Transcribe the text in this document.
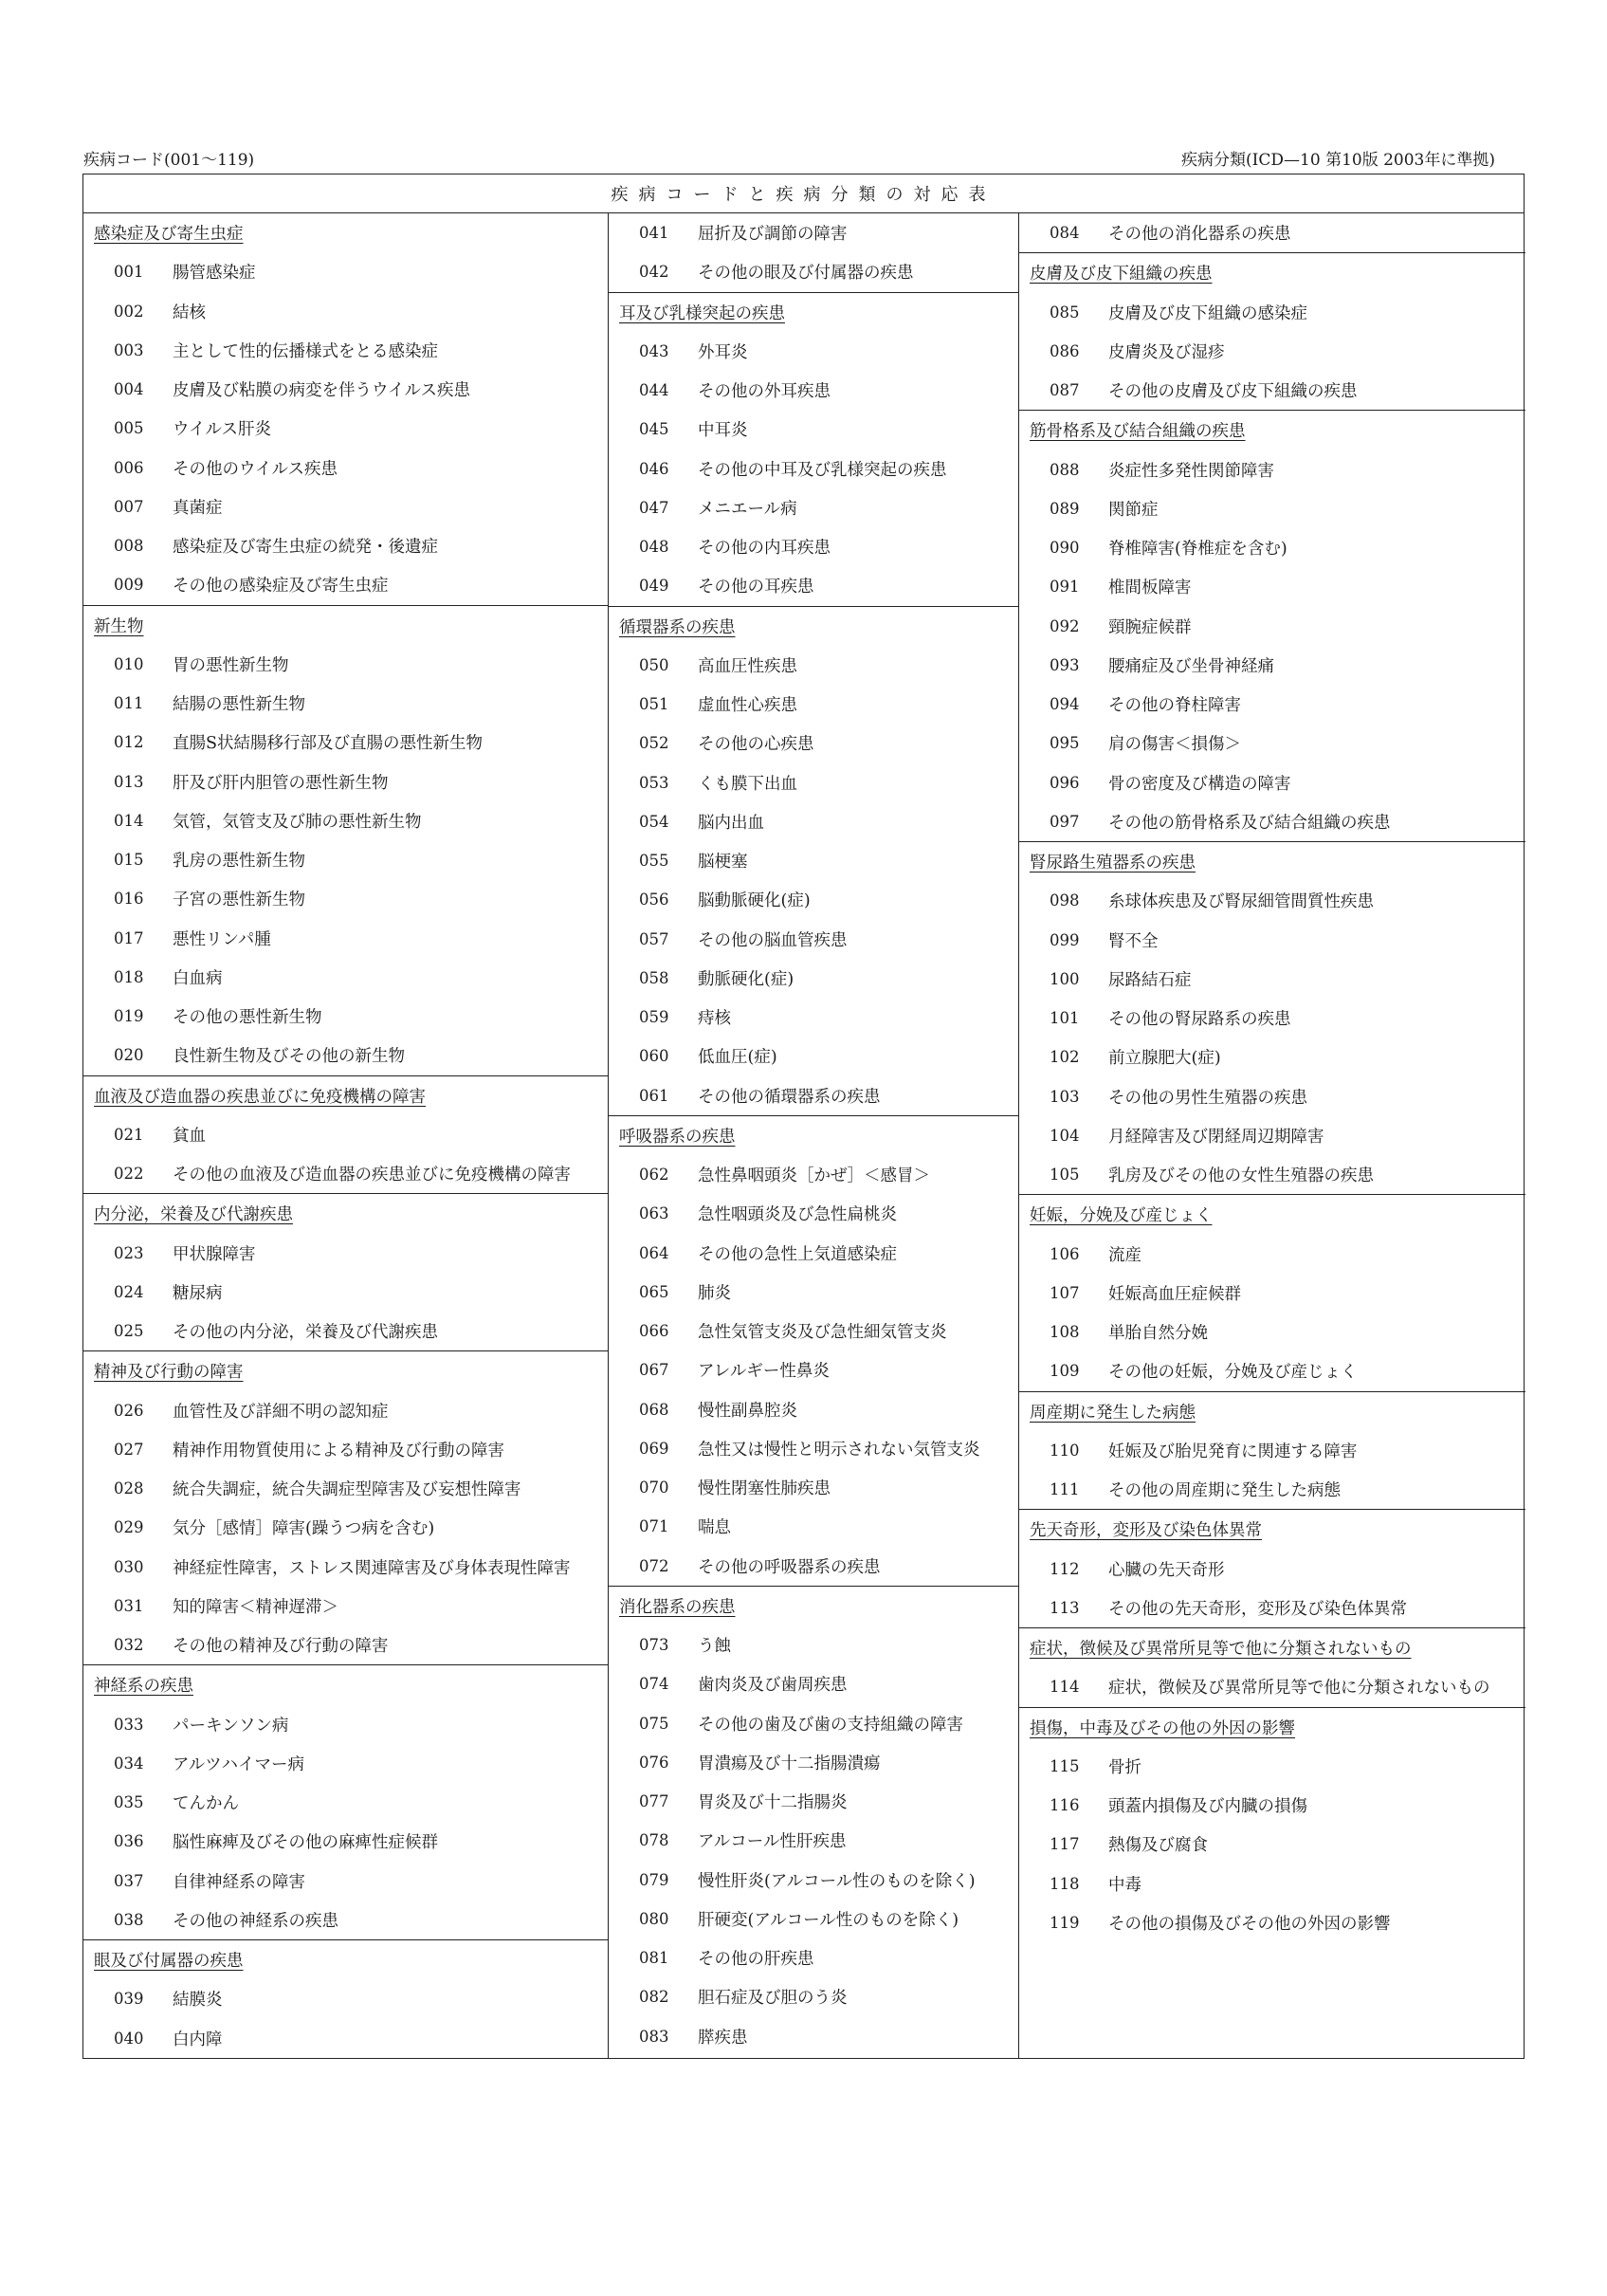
疾病コード(001～119)	疾病分類(ICD—10 第10版 2003年に準拠)
疾病コードと疾病分類の対応表
感染症及び寄生虫症
001	腸管感染症
002	結核
003	主として性的伝播様式をとる感染症
004	皮膚及び粘膜の病変を伴うウイルス疾患
005	ウイルス肝炎
006	その他のウイルス疾患
007	真菌症
008	感染症及び寄生虫症の続発・後遺症
009	その他の感染症及び寄生虫症
新生物
010	胃の悪性新生物
011	結腸の悪性新生物
012	直腸S状結腸移行部及び直腸の悪性新生物
013	肝及び肝内胆管の悪性新生物
014	気管，気管支及び肺の悪性新生物
015	乳房の悪性新生物
016	子宮の悪性新生物
017	悪性リンパ腫
018	白血病
019	その他の悪性新生物
020	良性新生物及びその他の新生物
血液及び造血器の疾患並びに免疫機構の障害
021	貧血
022	その他の血液及び造血器の疾患並びに免疫機構の障害
内分泌，栄養及び代謝疾患
023	甲状腺障害
024	糖尿病
025	その他の内分泌，栄養及び代謝疾患
精神及び行動の障害
026	血管性及び詳細不明の認知症
027	精神作用物質使用による精神及び行動の障害
028	統合失調症，統合失調症型障害及び妄想性障害
029	気分［感情］障害(躁うつ病を含む)
030	神経症性障害，ストレス関連障害及び身体表現性障害
031	知的障害＜精神遅滞＞
032	その他の精神及び行動の障害
神経系の疾患
033	パーキンソン病
034	アルツハイマー病
035	てんかん
036	脳性麻痺及びその他の麻痺性症候群
037	自律神経系の障害
038	その他の神経系の疾患
眼及び付属器の疾患
039	結膜炎
040	白内障
041	屈折及び調節の障害
042	その他の眼及び付属器の疾患
耳及び乳様突起の疾患
043	外耳炎
044	その他の外耳疾患
045	中耳炎
046	その他の中耳及び乳様突起の疾患
047	メニエール病
048	その他の内耳疾患
049	その他の耳疾患
循環器系の疾患
050	高血圧性疾患
051	虚血性心疾患
052	その他の心疾患
053	くも膜下出血
054	脳内出血
055	脳梗塞
056	脳動脈硬化(症)
057	その他の脳血管疾患
058	動脈硬化(症)
059	痔核
060	低血圧(症)
061	その他の循環器系の疾患
呼吸器系の疾患
062	急性鼻咽頭炎［かぜ］＜感冒＞
063	急性咽頭炎及び急性扁桃炎
064	その他の急性上気道感染症
065	肺炎
066	急性気管支炎及び急性細気管支炎
067	アレルギー性鼻炎
068	慢性副鼻腔炎
069	急性又は慢性と明示されない気管支炎
070	慢性閉塞性肺疾患
071	喘息
072	その他の呼吸器系の疾患
消化器系の疾患
073	う蝕
074	歯肉炎及び歯周疾患
075	その他の歯及び歯の支持組織の障害
076	胃潰瘍及び十二指腸潰瘍
077	胃炎及び十二指腸炎
078	アルコール性肝疾患
079	慢性肝炎(アルコール性のものを除く)
080	肝硬変(アルコール性のものを除く)
081	その他の肝疾患
082	胆石症及び胆のう炎
083	膵疾患
084	その他の消化器系の疾患
皮膚及び皮下組織の疾患
085	皮膚及び皮下組織の感染症
086	皮膚炎及び湿疹
087	その他の皮膚及び皮下組織の疾患
筋骨格系及び結合組織の疾患
088	炎症性多発性関節障害
089	関節症
090	脊椎障害(脊椎症を含む)
091	椎間板障害
092	頸腕症候群
093	腰痛症及び坐骨神経痛
094	その他の脊柱障害
095	肩の傷害＜損傷＞
096	骨の密度及び構造の障害
097	その他の筋骨格系及び結合組織の疾患
腎尿路生殖器系の疾患
098	糸球体疾患及び腎尿細管間質性疾患
099	腎不全
100	尿路結石症
101	その他の腎尿路系の疾患
102	前立腺肥大(症)
103	その他の男性生殖器の疾患
104	月経障害及び閉経周辺期障害
105	乳房及びその他の女性生殖器の疾患
妊娠，分娩及び産じょく
106	流産
107	妊娠高血圧症候群
108	単胎自然分娩
109	その他の妊娠，分娩及び産じょく
周産期に発生した病態
110	妊娠及び胎児発育に関連する障害
111	その他の周産期に発生した病態
先天奇形，変形及び染色体異常
112	心臓の先天奇形
113	その他の先天奇形，変形及び染色体異常
症状，徴候及び異常所見等で他に分類されないもの
114	症状，徴候及び異常所見等で他に分類されないもの
損傷，中毒及びその他の外因の影響
115	骨折
116	頭蓋内損傷及び内臓の損傷
117	熱傷及び腐食
118	中毒
119	その他の損傷及びその他の外因の影響
